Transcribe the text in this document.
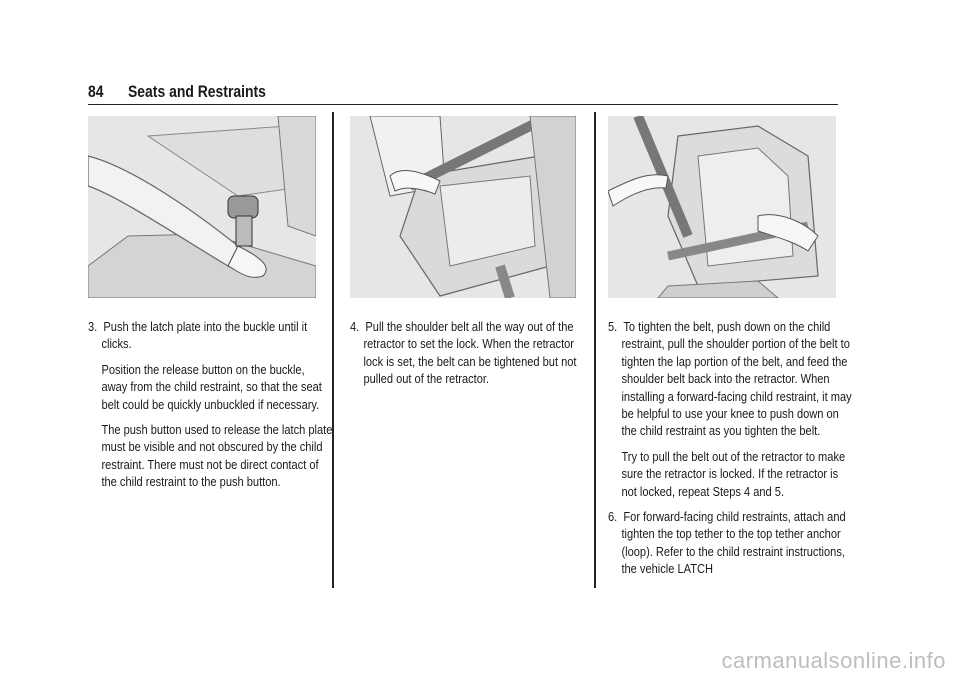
84 Seats and Restraints

3.  Push the latch plate into the buckle until it clicks.

Position the release button on the buckle, away from the child restraint, so that the seat belt could be quickly unbuckled if necessary.

The push button used to release the latch plate must be visible and not obscured by the child restraint. There must not be direct contact of the child restraint to the push button.

4.  Pull the shoulder belt all the way out of the retractor to set the lock. When the retractor lock is set, the belt can be tightened but not pulled out of the retractor.

5.  To tighten the belt, push down on the child restraint, pull the shoulder portion of the belt to tighten the lap portion of the belt, and feed the shoulder belt back into the retractor. When installing a forward-facing child restraint, it may be helpful to use your knee to push down on the child restraint as you tighten the belt.

Try to pull the belt out of the retractor to make sure the retractor is locked. If the retractor is not locked, repeat Steps 4 and 5.

6.  For forward-facing child restraints, attach and tighten the top tether to the top tether anchor (loop). Refer to the child restraint instructions, the vehicle LATCH

carmanualsonline.info
